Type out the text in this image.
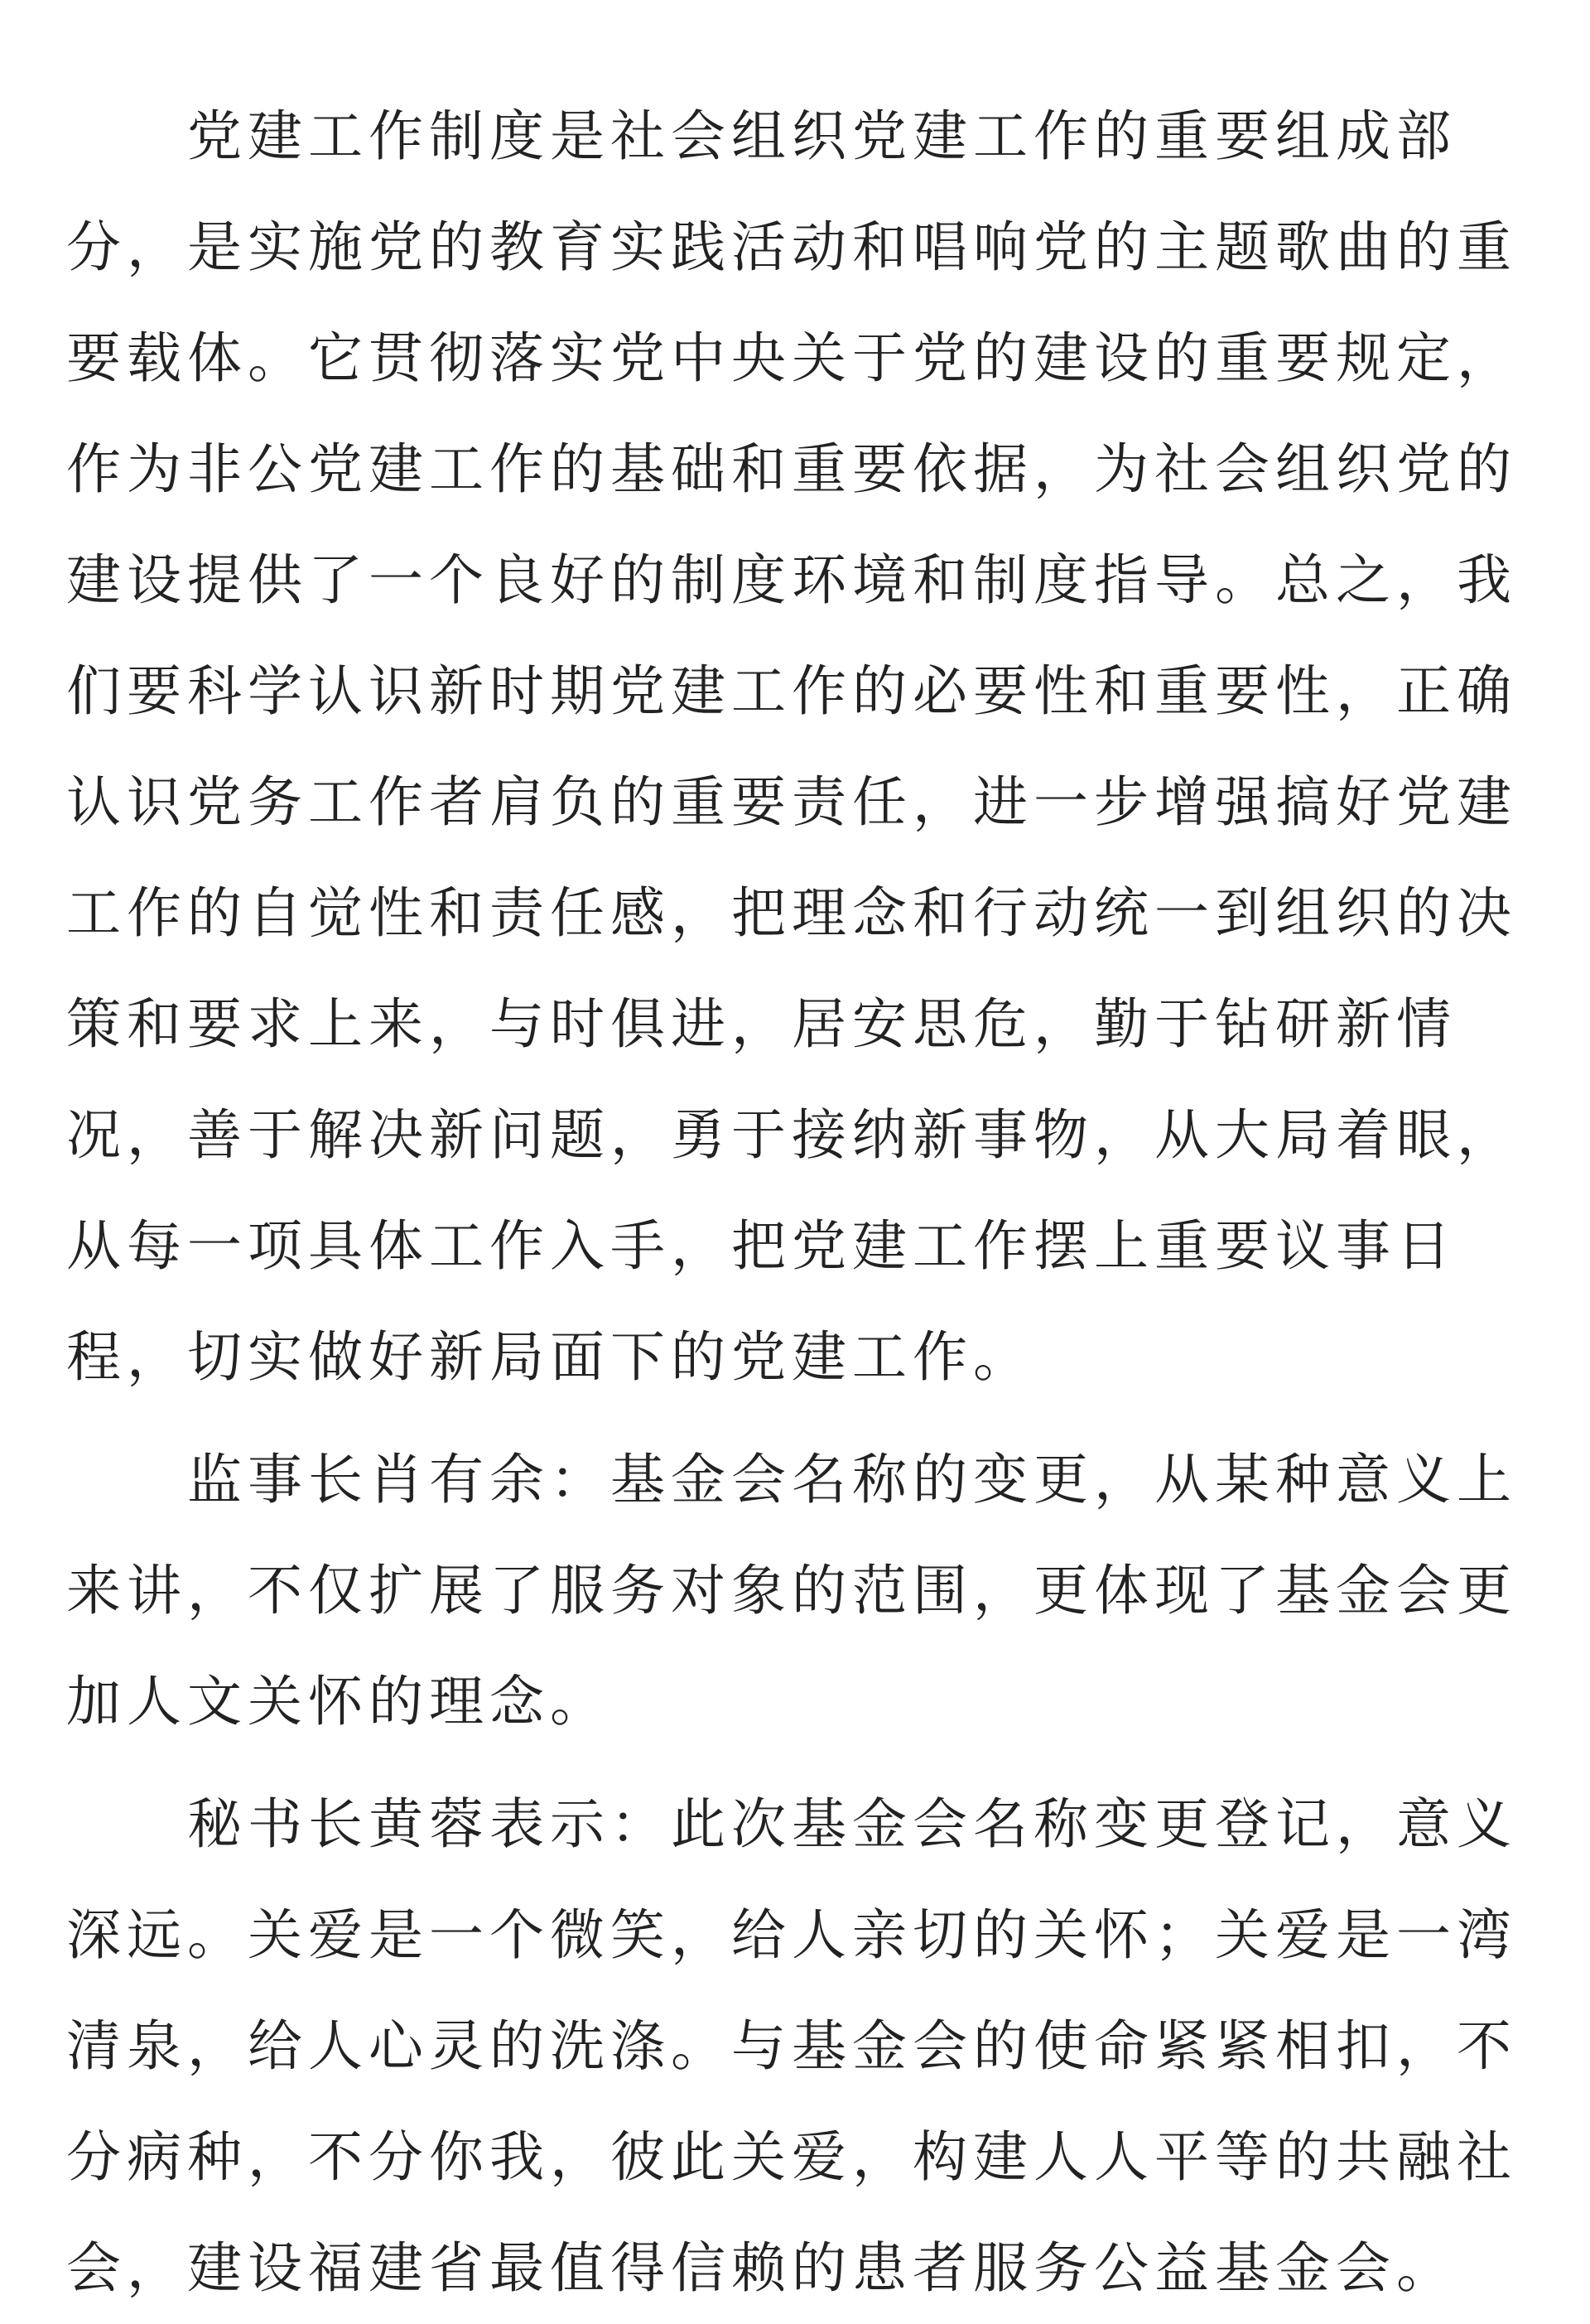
党建工作制度是社会组织党建工作的重要组成部
分，是实施党的教育实践活动和唱响党的主题歌曲的重
要载体。它贯彻落实党中央关于党的建设的重要规定，
作为非公党建工作的基础和重要依据，为社会组织党的
建设提供了一个良好的制度环境和制度指导。总之，我
们要科学认识新时期党建工作的必要性和重要性，正确
认识党务工作者肩负的重要责任，进一步增强搞好党建
工作的自觉性和责任感，把理念和行动统一到组织的决
策和要求上来，与时俱进，居安思危，勤于钻研新情
况，善于解决新问题，勇于接纳新事物，从大局着眼，
从每一项具体工作入手，把党建工作摆上重要议事日
程，切实做好新局面下的党建工作。
监事长肖有余：基金会名称的变更，从某种意义上
来讲，不仅扩展了服务对象的范围，更体现了基金会更
加人文关怀的理念。
秘书长黄蓉表示：此次基金会名称变更登记，意义
深远。关爱是一个微笑，给人亲切的关怀；关爱是一湾
清泉，给人心灵的洗涤。与基金会的使命紧紧相扣，不
分病种，不分你我，彼此关爱，构建人人平等的共融社
会，建设福建省最值得信赖的患者服务公益基金会。
